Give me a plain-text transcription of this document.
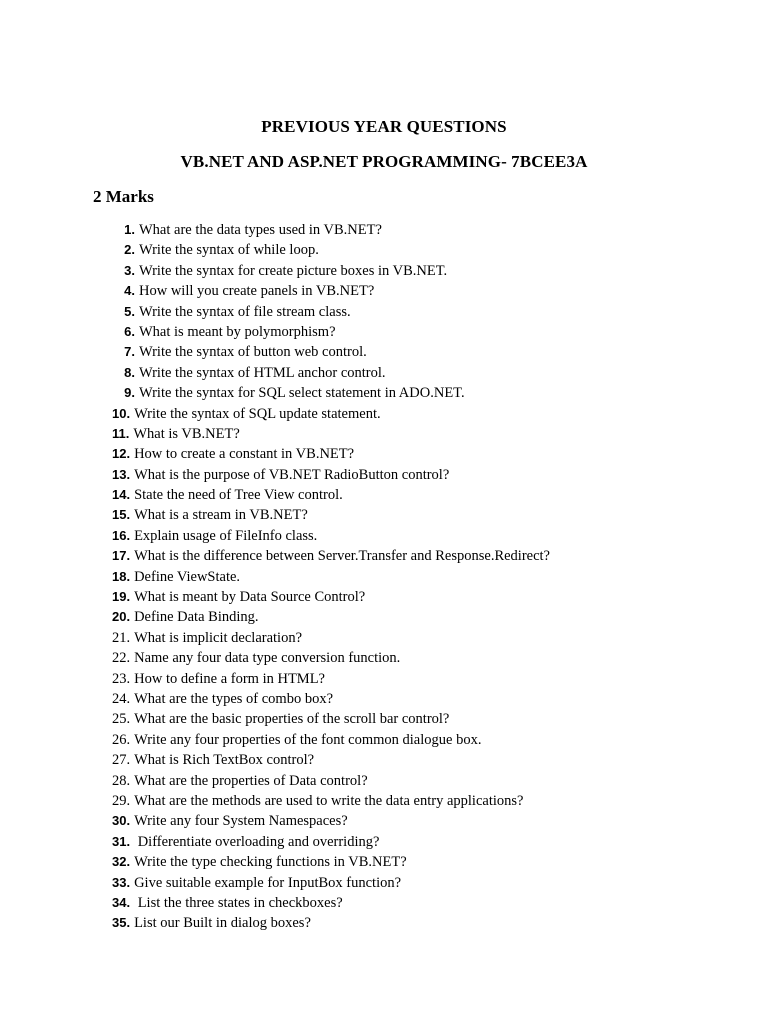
PREVIOUS YEAR QUESTIONS
VB.NET AND ASP.NET PROGRAMMING- 7BCEE3A
2 Marks
1. What are the data types used in VB.NET?
2. Write the syntax of while loop.
3. Write the syntax for create picture boxes in VB.NET.
4. How will you create panels in VB.NET?
5. Write the syntax of file stream class.
6. What is meant by polymorphism?
7. Write the syntax of button web control.
8. Write the syntax of HTML anchor control.
9. Write the syntax for SQL select statement in ADO.NET.
10. Write the syntax of SQL update statement.
11. What is VB.NET?
12. How to create a constant in VB.NET?
13. What is the purpose of VB.NET RadioButton control?
14. State the need of Tree View control.
15. What is a stream in VB.NET?
16. Explain usage of FileInfo class.
17. What is the difference between Server.Transfer and Response.Redirect?
18. Define ViewState.
19. What is meant by Data Source Control?
20. Define Data Binding.
21. What is implicit declaration?
22. Name any four data type conversion function.
23. How to define a form in HTML?
24. What are the types of combo box?
25. What are the basic properties of the scroll bar control?
26. Write any four properties of the font common dialogue box.
27. What is Rich TextBox control?
28. What are the properties of Data control?
29. What are the methods are used to write the data entry applications?
30. Write any four System Namespaces?
31. Differentiate overloading and overriding?
32. Write the type checking functions in VB.NET?
33. Give suitable example for InputBox function?
34. List the three states in checkboxes?
35. List our Built in dialog boxes?
